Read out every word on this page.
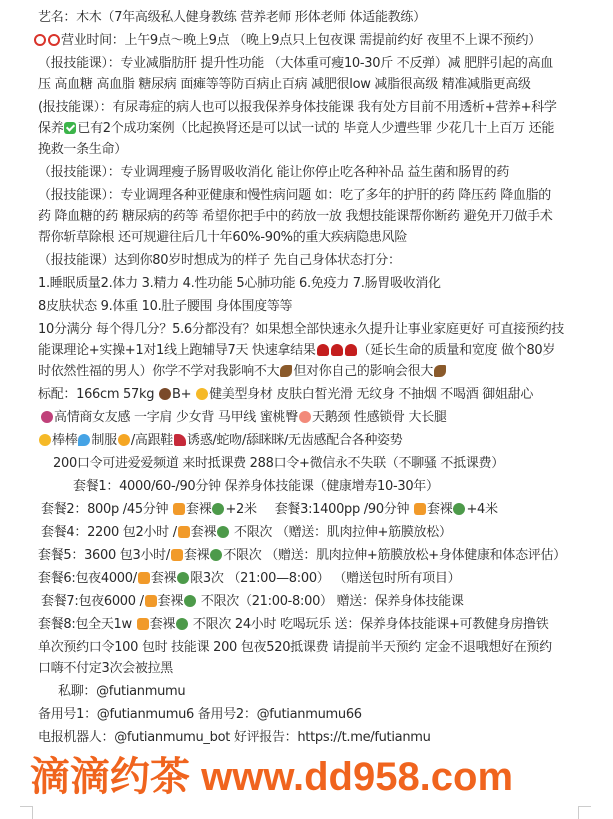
艺名：木木（7年高级私人健身教练 营养老师 形体老师 体适能教练）
营业时间：上午9点～晚上9点 （晚上9点只上包夜课 需提前约好 夜里不上课不预约）
（报技能课）：专业减脂肪肝 提升性功能 （大体重可瘦10-30斤 不反弹）减 肥胖引起的高血
压 高血糖 高血脂 糖尿病 面瘫等等防百病止百病 减肥很low 减脂很高级 精准减脂更高级
(报技能课）：有尿毒症的病人也可以报我保养身体技能课 我有处方目前不用透析+营养+科学
保养 已有2个成功案例（比起换肾还是可以试一试的 毕竟人少遭些罪 少花几十上百万 还能
挽救一条生命）
（报技能课）：专业调理瘦子肠胃吸收消化 能让你停止吃各种补品 益生菌和肠胃的药
（报技能课）：专业调理各种亚健康和慢性病问题 如：吃了多年的护肝的药 降压药 降血脂的
药 降血糖的药 糖尿病的药等 希望你把手中的药放一放 我想技能课帮你断药 避免开刀做手术
帮你斩草除根 还可规避往后几十年60%-90%的重大疾病隐患风险
（报技能课）达到你80岁时想成为的样子 先自己身体状态打分：
1.睡眠质量2.体力 3.精力 4.性功能 5心肺功能 6.免疫力 7.肠胃吸收消化
8皮肤状态 9.体重 10.肚子腰围 身体围度等等
10分满分 每个得几分？5.6分都没有？如果想全部快速永久提升让事业家庭更好 可直接预约技
能课理论+实操+1对1线上跑辅导7天 快速拿结果	（延长生命的质量和宽度 做个80岁
时依然性福的男人）你学不学对我影响不大 但对你自己的影响会很大
标配：166cm 57kg B+ 健美型身材 皮肤白皙光滑 无纹身 不抽烟 不喝酒 御姐甜心
高情商女友感 一字肩 少女背 马甲线 蜜桃臀 天鹅颈 性感锁骨 大长腿
棒棒 制服 /高跟鞋 诱惑/蛇吻/舔眯眯/无齿感配合各种姿势
200口令可进爱爱频道 来时抵课费 288口令+微信永不失联（不聊骚 不抵课费）
套餐1：4000/60-/90分钟 保养身体技能课（健康增寿10-30年）
套餐2：800p /45分钟 套裸 +2米 套餐3:1400pp /90分钟 套裸 +4米
套餐4：2200 包2小时 / 套裸 不限次 （赠送：肌肉拉伸+筋膜放松）
套餐5：3600 包3小时/ 套裸 不限次 （赠送：肌肉拉伸+筋膜放松+身体健康和体态评估）
套餐6:包夜4000/ 套裸 限3次 （21:00—8:00） （赠送包时所有项目）
套餐7:包夜6000 / 套裸 不限次（21:00-8:00） 赠送：保养身体技能课
套餐8:包全天1w 套裸 不限次 24小时 吃喝玩乐 送：保养身体技能课+可教健身房撸铁
单次预约口令100 包时 技能课 200 包夜520抵课费 请提前半天预约 定金不退哦想好在预约
口嗨不付定3次会被拉黑
私聊：@futianmumu
备用号1：@futianmumu6 备用号2：@futianmumu66
电报机器人：@futianmumu_bot 好评报告：https://t.me/futianmu
滴滴约茶 www.dd958.com
